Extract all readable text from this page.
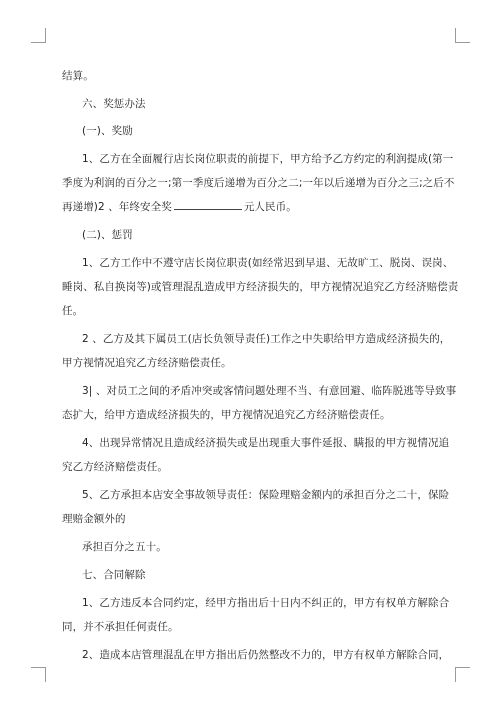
结算。
六、奖惩办法
(一)、奖励
1、乙方在全面履行店长岗位职责的前提下，甲方给予乙方约定的利润提成(第一
季度为利润的百分之一;第一季度后递增为百分之二;一年以后递增为百分之三;之后不
再递增)2 、年终安全奖	元人民币。
(二)、惩罚
1、乙方工作中不遵守店长岗位职责(如经常迟到早退、无故旷工、脱岗、误岗、
睡岗、私自换岗等)或管理混乱造成甲方经济损失的，甲方视情况追究乙方经济赔偿责
任。
2 、乙方及其下属员工(店长负领导责任)工作之中失职给甲方造成经济损失的，
甲方视情况追究乙方经济赔偿责任。
3| 、对员工之间的矛盾冲突或客情问题处理不当、有意回避、临阵脱逃等导致事
态扩大，给甲方造成经济损失的，甲方视情况追究乙方经济赔偿责任。
4、出现异常情况且造成经济损失或是出现重大事件延报、瞒报的甲方视情况追
究乙方经济赔偿责任。
5、乙方承担本店安全事故领导责任：保险理赔金额内的承担百分之二十，保险
理赔金额外的
承担百分之五十。
七、合同解除
1、乙方违反本合同约定，经甲方指出后十日内不纠正的，甲方有权单方解除合
同，并不承担任何责任。
2、造成本店管理混乱在甲方指出后仍然整改不力的，甲方有权单方解除合同，
